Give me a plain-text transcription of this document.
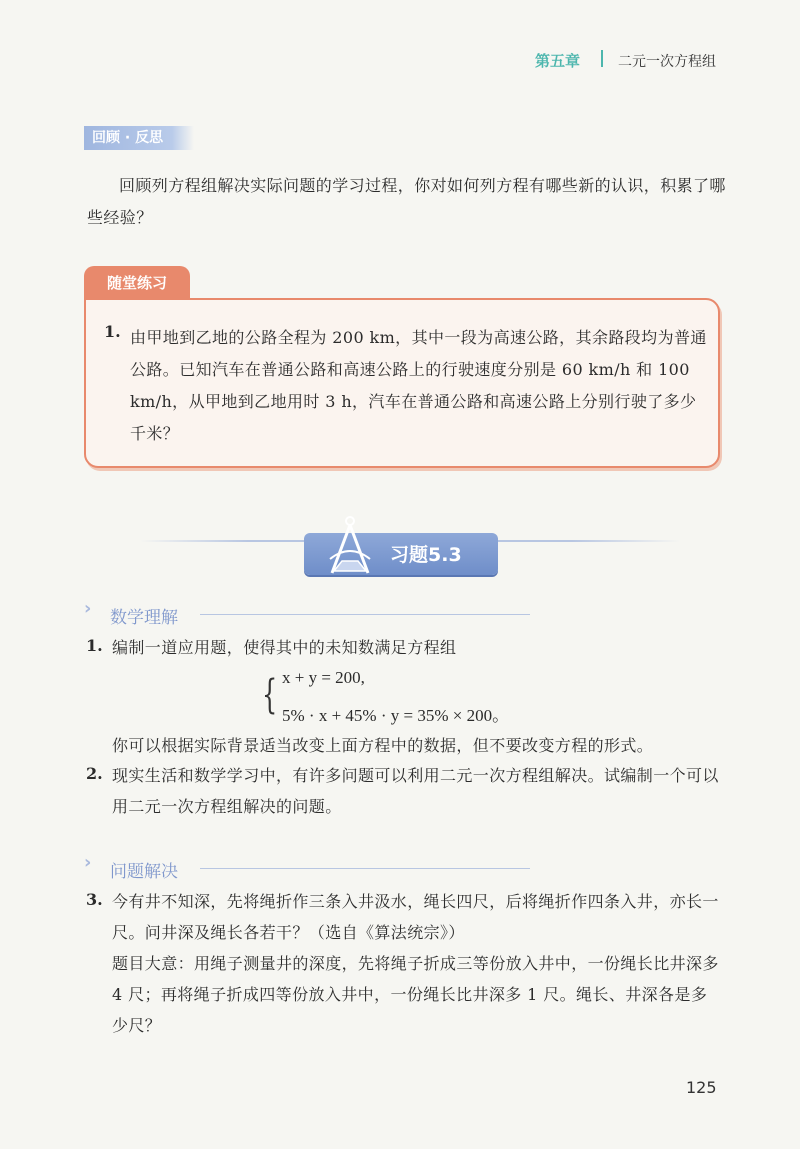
第五章	二元一次方程组
回顾 · 反思
回顾列方程组解决实际问题的学习过程，你对如何列方程有哪些新的认识，积累了哪些经验？
随堂练习
1. 由甲地到乙地的公路全程为 200 km，其中一段为高速公路，其余路段均为普通公路。已知汽车在普通公路和高速公路上的行驶速度分别是 60 km/h 和 100 km/h，从甲地到乙地用时 3 h，汽车在普通公路和高速公路上分别行驶了多少千米？
习题5.3
› 数学理解
1. 编制一道应用题，使得其中的未知数满足方程组
{ x + y = 200,
5% · x + 45% · y = 35% × 200。
你可以根据实际背景适当改变上面方程中的数据，但不要改变方程的形式。
2. 现实生活和数学学习中，有许多问题可以利用二元一次方程组解决。试编制一个可以用二元一次方程组解决的问题。
› 问题解决
3. 今有井不知深，先将绳折作三条入井汲水，绳长四尺，后将绳折作四条入井，亦长一尺。问井深及绳长各若干？（选自《算法统宗》）
题目大意：用绳子测量井的深度，先将绳子折成三等份放入井中，一份绳长比井深多 4 尺；再将绳子折成四等份放入井中，一份绳长比井深多 1 尺。绳长、井深各是多少尺？
125
